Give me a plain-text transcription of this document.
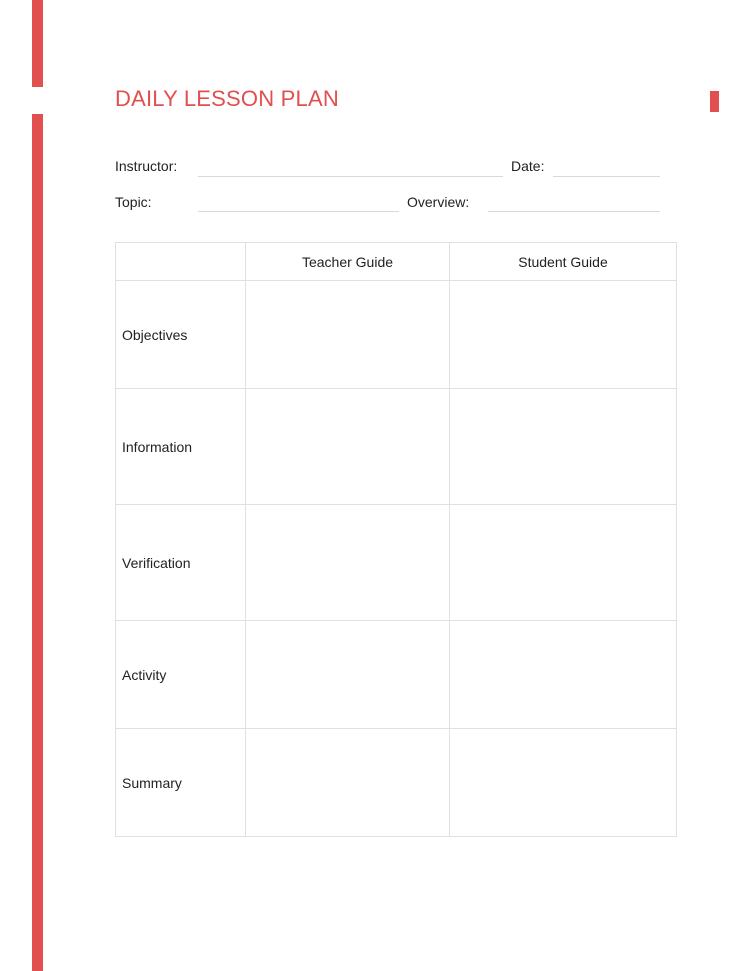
DAILY LESSON PLAN
Instructor:	Date:
Topic:	Overview:
	Teacher Guide	Student Guide
Objectives		
Information		
Verification		
Activity		
Summary		
